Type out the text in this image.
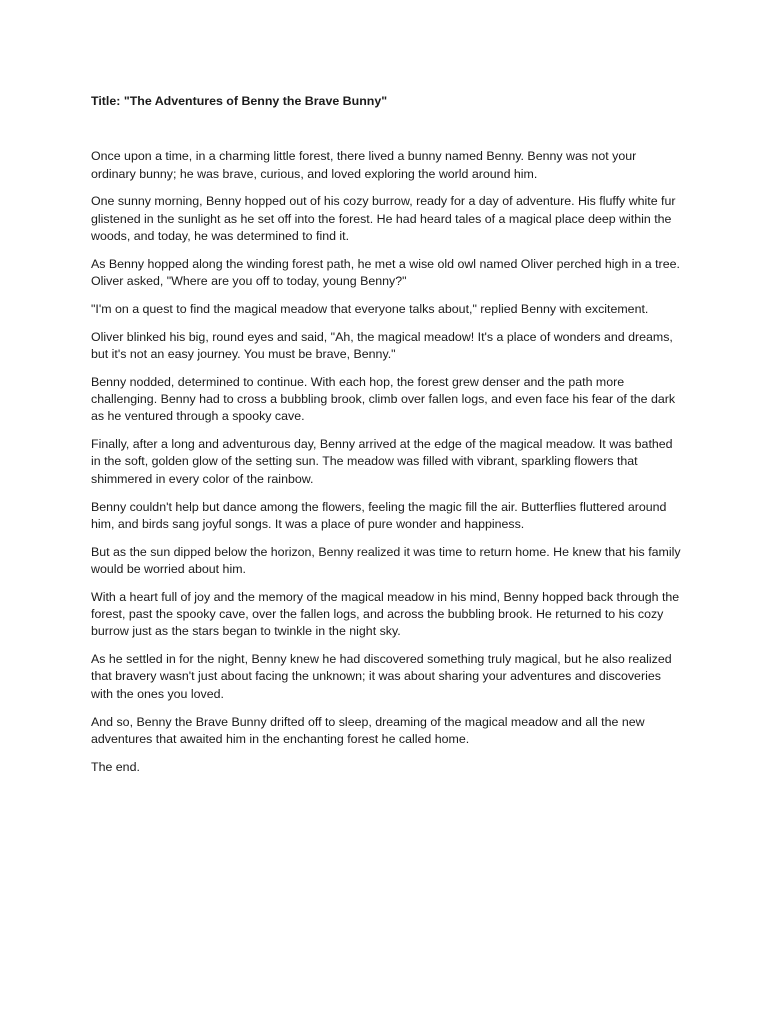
Title: "The Adventures of Benny the Brave Bunny"

Once upon a time, in a charming little forest, there lived a bunny named Benny. Benny was not your ordinary bunny; he was brave, curious, and loved exploring the world around him.

One sunny morning, Benny hopped out of his cozy burrow, ready for a day of adventure. His fluffy white fur glistened in the sunlight as he set off into the forest. He had heard tales of a magical place deep within the woods, and today, he was determined to find it.

As Benny hopped along the winding forest path, he met a wise old owl named Oliver perched high in a tree. Oliver asked, "Where are you off to today, young Benny?"

"I'm on a quest to find the magical meadow that everyone talks about," replied Benny with excitement.

Oliver blinked his big, round eyes and said, "Ah, the magical meadow! It's a place of wonders and dreams, but it's not an easy journey. You must be brave, Benny."

Benny nodded, determined to continue. With each hop, the forest grew denser and the path more challenging. Benny had to cross a bubbling brook, climb over fallen logs, and even face his fear of the dark as he ventured through a spooky cave.

Finally, after a long and adventurous day, Benny arrived at the edge of the magical meadow. It was bathed in the soft, golden glow of the setting sun. The meadow was filled with vibrant, sparkling flowers that shimmered in every color of the rainbow.

Benny couldn't help but dance among the flowers, feeling the magic fill the air. Butterflies fluttered around him, and birds sang joyful songs. It was a place of pure wonder and happiness.

But as the sun dipped below the horizon, Benny realized it was time to return home. He knew that his family would be worried about him.

With a heart full of joy and the memory of the magical meadow in his mind, Benny hopped back through the forest, past the spooky cave, over the fallen logs, and across the bubbling brook. He returned to his cozy burrow just as the stars began to twinkle in the night sky.

As he settled in for the night, Benny knew he had discovered something truly magical, but he also realized that bravery wasn't just about facing the unknown; it was about sharing your adventures and discoveries with the ones you loved.

And so, Benny the Brave Bunny drifted off to sleep, dreaming of the magical meadow and all the new adventures that awaited him in the enchanting forest he called home.

The end.
